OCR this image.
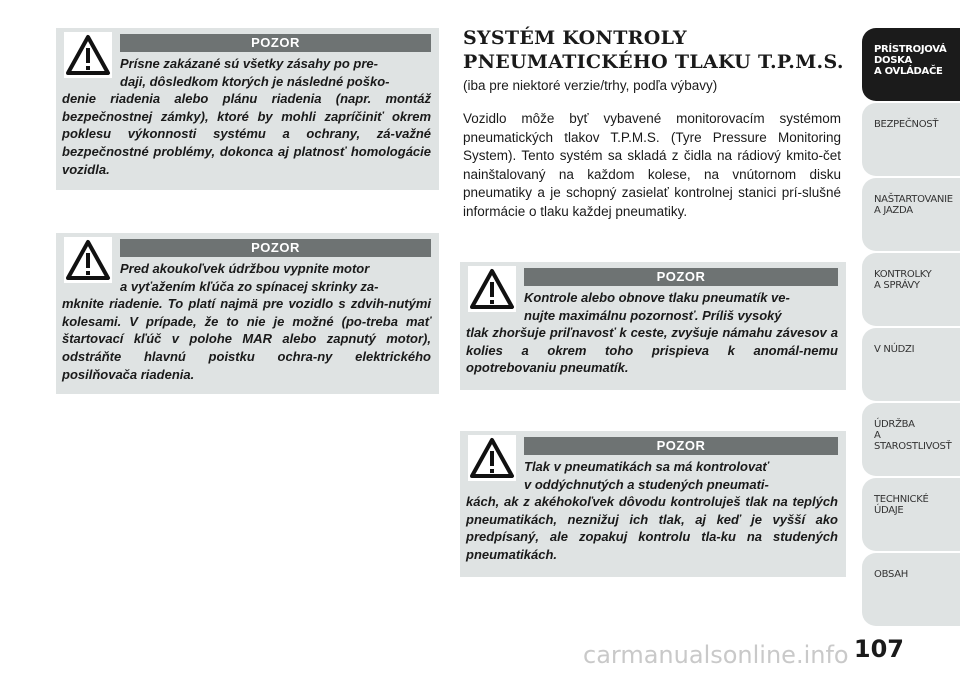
POZOR

Prísne zakázané sú všetky zásahy po pre-
daji, dôsledkom ktorých je následné poško-
denie riadenia alebo plánu riadenia (napr. montáž bezpečnostnej zámky), ktoré by mohli zapríčiniť okrem poklesu výkonnosti systému a ochrany, zá-važné bezpečnostné problémy, dokonca aj platnosť homologácie vozidla.

POZOR

Pred akoukoľvek údržbou vypnite motor
a vyťažením kľúča zo spínacej skrinky za-
mknite riadenie. To platí najmä pre vozidlo s zdvih-nutými kolesami. V prípade, že to nie je možné (po-treba mať štartovací kľúč v polohe MAR alebo zapnutý motor), odstráňte hlavnú poistku ochra-ny elektrického posilňovača riadenia.

SYSTÉM KONTROLY
PNEUMATICKÉHO TLAKU T.P.M.S.

(iba pre niektoré verzie/trhy, podľa výbavy)

Vozidlo môže byť vybavené monitorovacím systémom pneumatických tlakov T.P.M.S. (Tyre Pressure Monitoring System). Tento systém sa skladá z čidla na rádiový kmito-čet nainštalovaný na každom kolese, na vnútornom disku pneumatiky a je schopný zasielať kontrolnej stanici prí-slušné informácie o tlaku každej pneumatiky.

POZOR

Kontrole alebo obnove tlaku pneumatík ve-
nujte maximálnu pozornosť. Príliš vysoký
tlak zhoršuje priľnavosť k ceste, zvyšuje námahu závesov a kolies a okrem toho prispieva k anomál-nemu opotrebovaniu pneumatík.

POZOR

Tlak v pneumatikách sa má kontrolovať
v oddýchnutých a studených pneumati-
kách, ak z akéhokoľvek dôvodu kontroluješ tlak na teplých pneumatikách, neznižuj ich tlak, aj keď je vyšší ako predpísaný, ale zopakuj kontrolu tla-ku na studených pneumatikách.

PRÍSTROJOVÁ
DOSKA
A OVLÁDAČE
BEZPEČNOSŤ
NAŠTARTOVANIE
A JAZDA
KONTROLKY
A SPRÁVY
V NÚDZI
ÚDRŽBA
A STAROSTLIVOSŤ
TECHNICKÉ ÚDAJE
OBSAH
107
carmanualsonline.info
